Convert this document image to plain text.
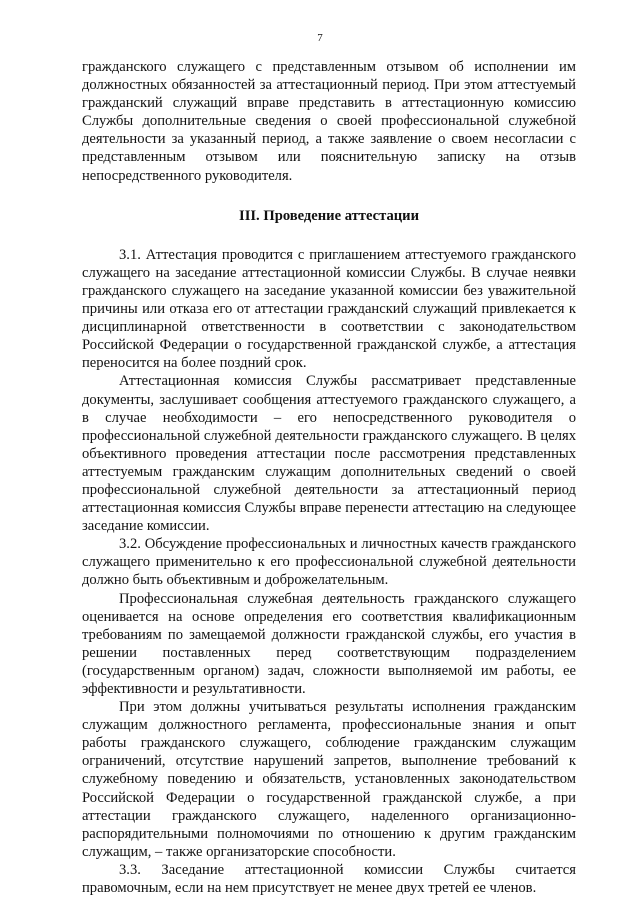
7

гражданского служащего с представленным отзывом об исполнении им должностных обязанностей за аттестационный период. При этом аттестуемый гражданский служащий вправе представить в аттестационную комиссию Службы дополнительные сведения о своей профессиональной служебной деятельности за указанный период, а также заявление о своем несогласии с представленным отзывом или пояснительную записку на отзыв непосредственного руководителя.

III. Проведение аттестации

3.1. Аттестация проводится с приглашением аттестуемого гражданского служащего на заседание аттестационной комиссии Службы. В случае неявки гражданского служащего на заседание указанной комиссии без уважительной причины или отказа его от аттестации гражданский служащий привлекается к дисциплинарной ответственности в соответствии с законодательством Российской Федерации о государственной гражданской службе, а аттестация переносится на более поздний срок.

Аттестационная комиссия Службы рассматривает представленные документы, заслушивает сообщения аттестуемого гражданского служащего, а в случае необходимости – его непосредственного руководителя о профессиональной служебной деятельности гражданского служащего. В целях объективного проведения аттестации после рассмотрения представленных аттестуемым гражданским служащим дополнительных сведений о своей профессиональной служебной деятельности за аттестационный период аттестационная комиссия Службы вправе перенести аттестацию на следующее заседание комиссии.

3.2. Обсуждение профессиональных и личностных качеств гражданского служащего применительно к его профессиональной служебной деятельности должно быть объективным и доброжелательным.

Профессиональная служебная деятельность гражданского служащего оценивается на основе определения его соответствия квалификационным требованиям по замещаемой должности гражданской службы, его участия в решении поставленных перед соответствующим подразделением (государственным органом) задач, сложности выполняемой им работы, ее эффективности и результативности.

При этом должны учитываться результаты исполнения гражданским служащим должностного регламента, профессиональные знания и опыт работы гражданского служащего, соблюдение гражданским служащим ограничений, отсутствие нарушений запретов, выполнение требований к служебному поведению и обязательств, установленных законодательством Российской Федерации о государственной гражданской службе, а при аттестации гражданского служащего, наделенного организационно-распорядительными полномочиями по отношению к другим гражданским служащим, – также организаторские способности.

3.3. Заседание аттестационной комиссии Службы считается правомочным, если на нем присутствует не менее двух третей ее членов.
